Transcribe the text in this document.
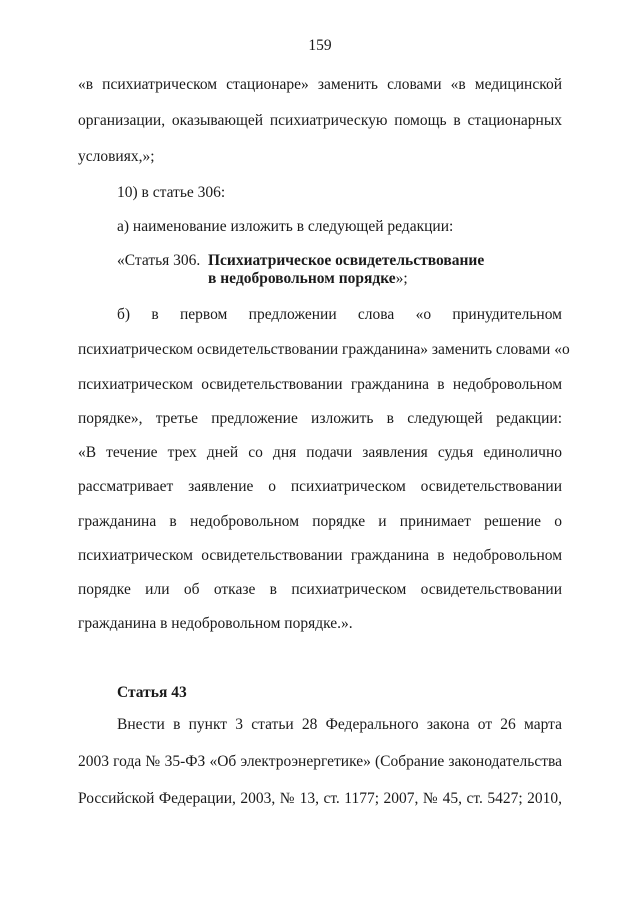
159
«в психиатрическом стационаре» заменить словами «в медицинской
организации, оказывающей психиатрическую помощь в стационарных
условиях,»;
10) в статье 306:
а) наименование изложить в следующей редакции:
«Статья 306. Психиатрическое освидетельствование
в недобровольном порядке»;
б) в первом предложении слова «о принудительном
психиатрическом освидетельствовании гражданина» заменить словами «о
психиатрическом освидетельствовании гражданина в недобровольном
порядке», третье предложение изложить в следующей редакции:
«В течение трех дней со дня подачи заявления судья единолично
рассматривает заявление о психиатрическом освидетельствовании
гражданина в недобровольном порядке и принимает решение о
психиатрическом освидетельствовании гражданина в недобровольном
порядке или об отказе в психиатрическом освидетельствовании
гражданина в недобровольном порядке.».
Статья 43
Внести в пункт 3 статьи 28 Федерального закона от 26 марта
2003 года № 35-ФЗ «Об электроэнергетике» (Собрание законодательства
Российской Федерации, 2003, № 13, ст. 1177; 2007, № 45, ст. 5427; 2010,
